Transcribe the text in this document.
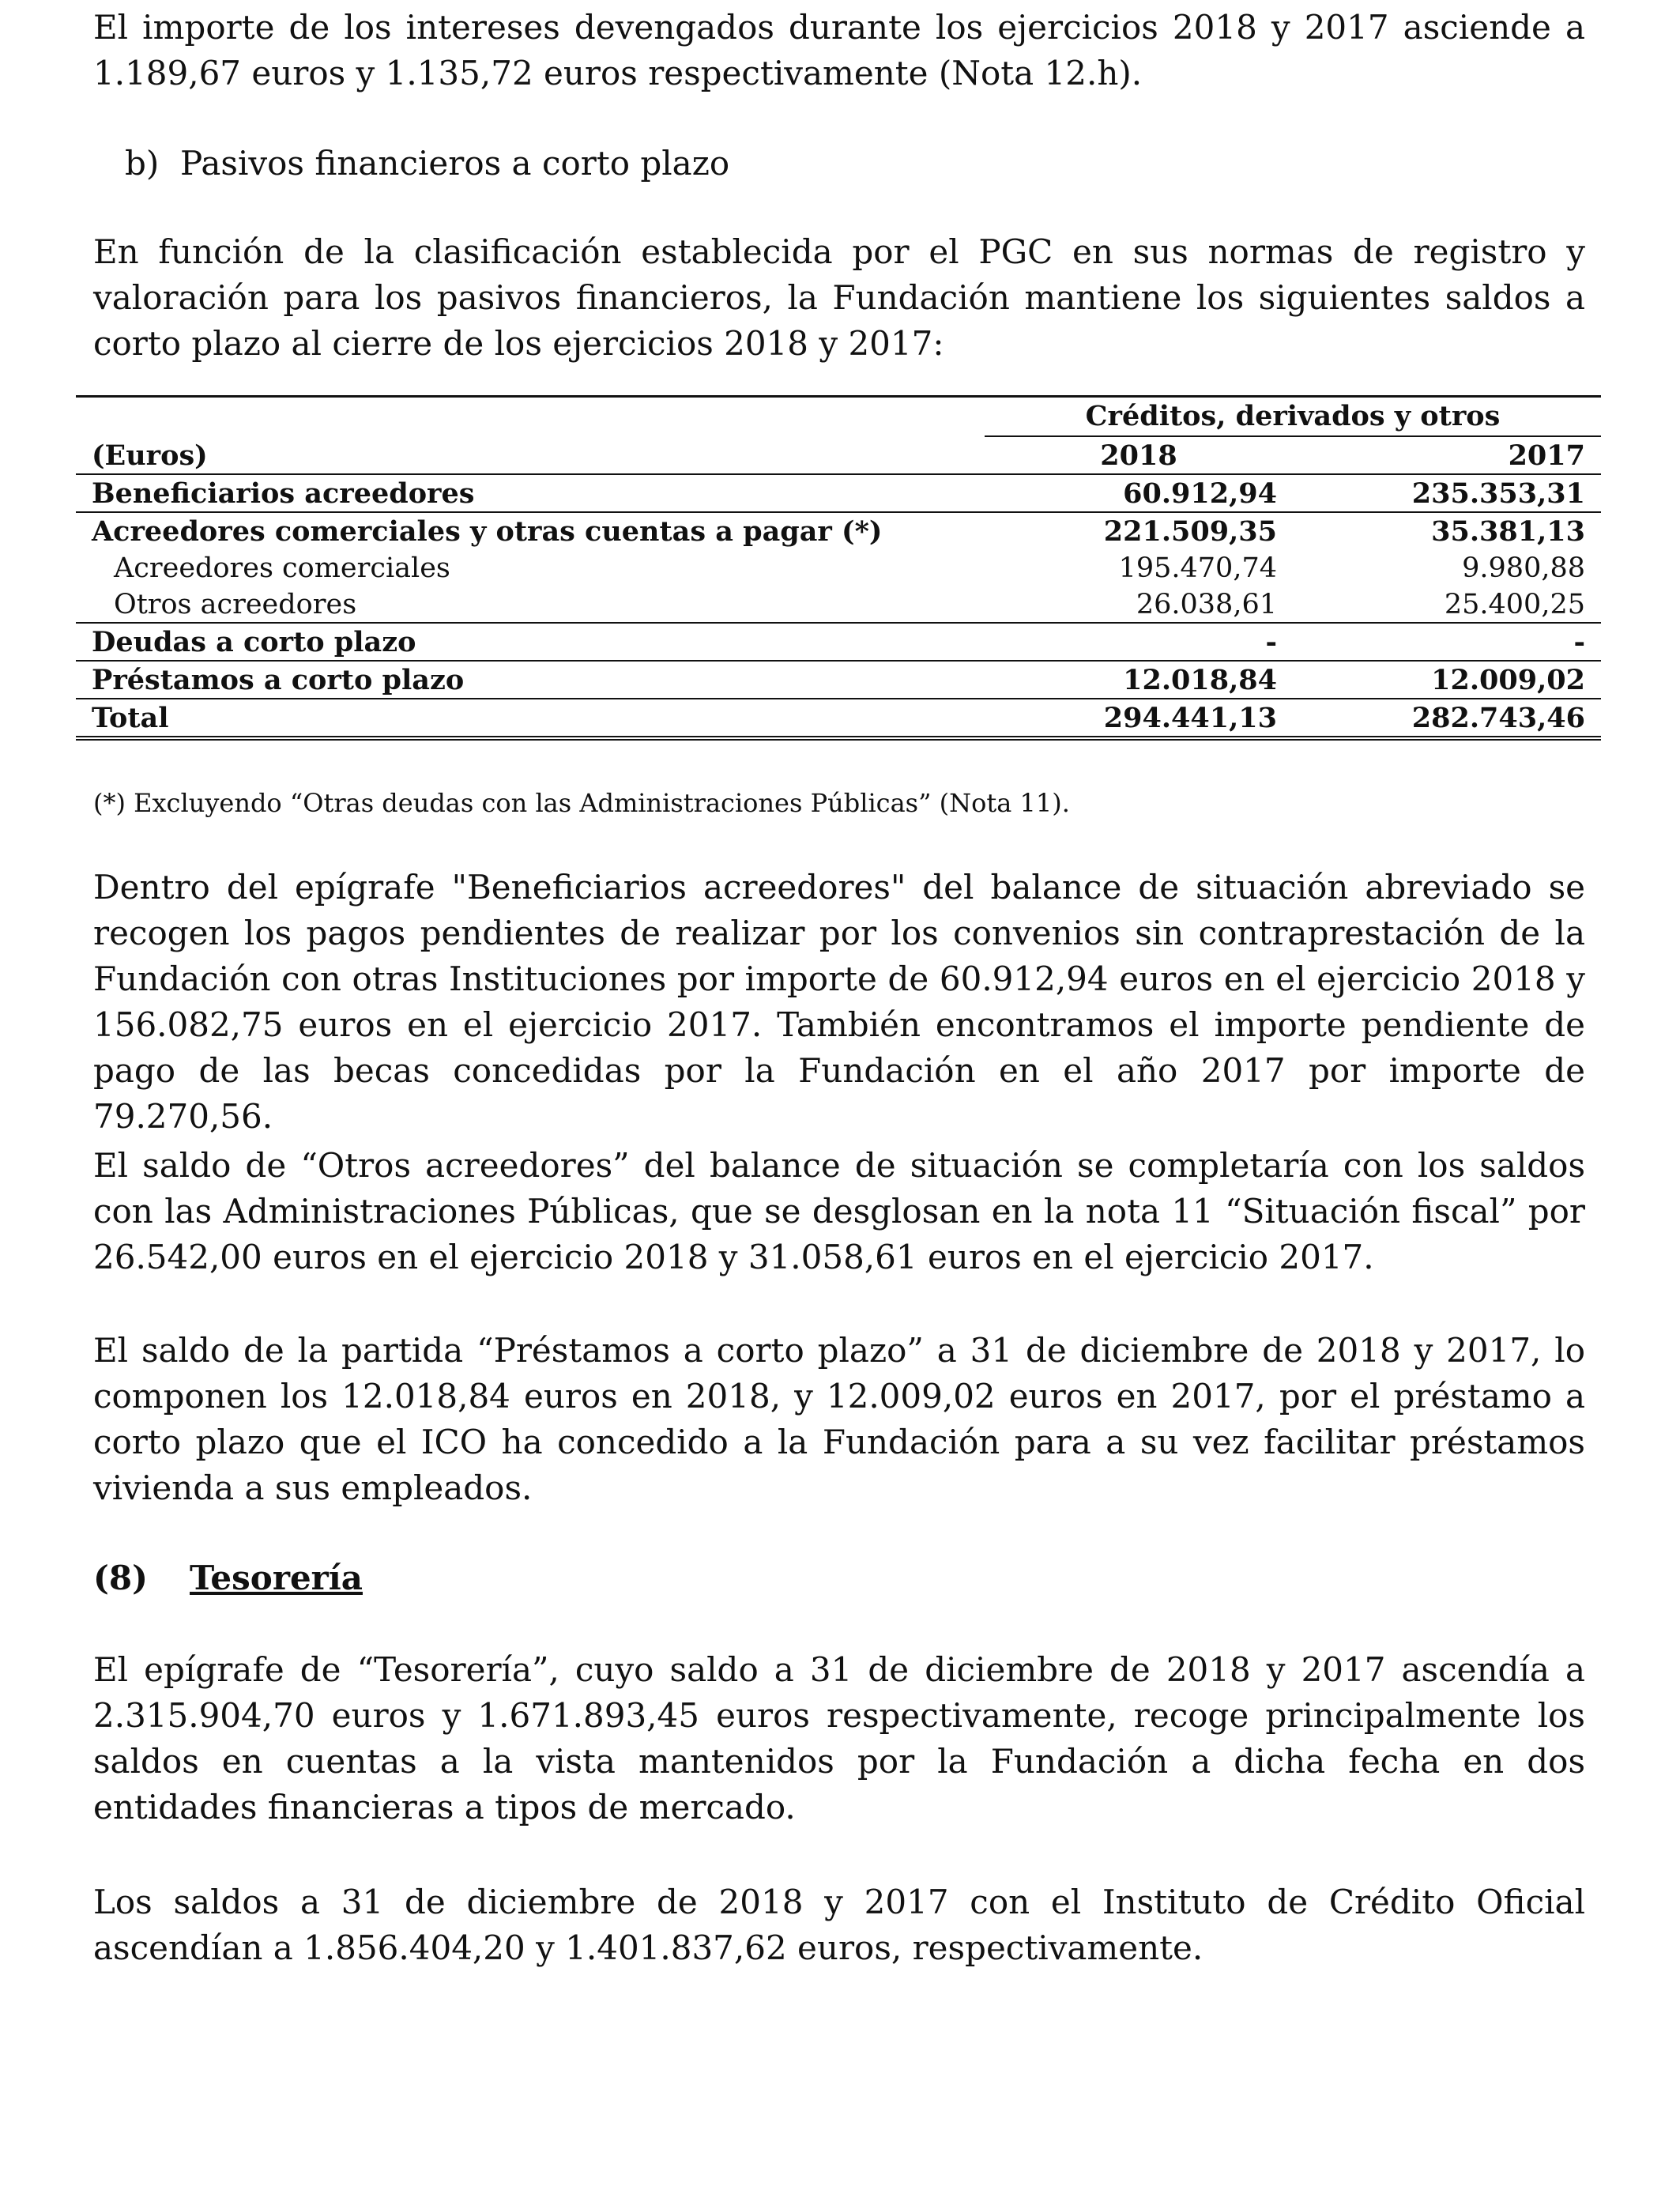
El importe de los intereses devengados durante los ejercicios 2018 y 2017 asciende a 1.189,67 euros y 1.135,72 euros respectivamente (Nota 12.h).

b) Pasivos financieros a corto plazo

En función de la clasificación establecida por el PGC en sus normas de registro y valoración para los pasivos financieros, la Fundación mantiene los siguientes saldos a corto plazo al cierre de los ejercicios 2018 y 2017:

	Créditos, derivados y otros	
(Euros)	2018	2017
Beneficiarios acreedores	60.912,94	235.353,31
Acreedores comerciales y otras cuentas a pagar (*)	221.509,35	35.381,13
Acreedores comerciales	195.470,74	9.980,88
Otros acreedores	26.038,61	25.400,25
Deudas a corto plazo	-	-
Préstamos a corto plazo	12.018,84	12.009,02
Total	294.441,13	282.743,46
(*) Excluyendo “Otras deudas con las Administraciones Públicas” (Nota 11).

Dentro del epígrafe "Beneficiarios acreedores" del balance de situación abreviado se recogen los pagos pendientes de realizar por los convenios sin contraprestación de la Fundación con otras Instituciones por importe de 60.912,94 euros en el ejercicio 2018 y 156.082,75 euros en el ejercicio 2017. También encontramos el importe pendiente de pago de las becas concedidas por la Fundación en el año 2017 por importe de 79.270,56.

El saldo de “Otros acreedores” del balance de situación se completaría con los saldos con las Administraciones Públicas, que se desglosan en la nota 11 “Situación fiscal” por 26.542,00 euros en el ejercicio 2018 y 31.058,61 euros en el ejercicio 2017.

El saldo de la partida “Préstamos a corto plazo” a 31 de diciembre de 2018 y 2017, lo componen los 12.018,84 euros en 2018, y 12.009,02 euros en 2017, por el préstamo a corto plazo que el ICO ha concedido a la Fundación para a su vez facilitar préstamos vivienda a sus empleados.

(8) Tesorería

El epígrafe de “Tesorería”, cuyo saldo a 31 de diciembre de 2018 y 2017 ascendía a 2.315.904,70 euros y 1.671.893,45 euros respectivamente, recoge principalmente los saldos en cuentas a la vista mantenidos por la Fundación a dicha fecha en dos entidades financieras a tipos de mercado.

Los saldos a 31 de diciembre de 2018 y 2017 con el Instituto de Crédito Oficial ascendían a 1.856.404,20 y 1.401.837,62 euros, respectivamente.
